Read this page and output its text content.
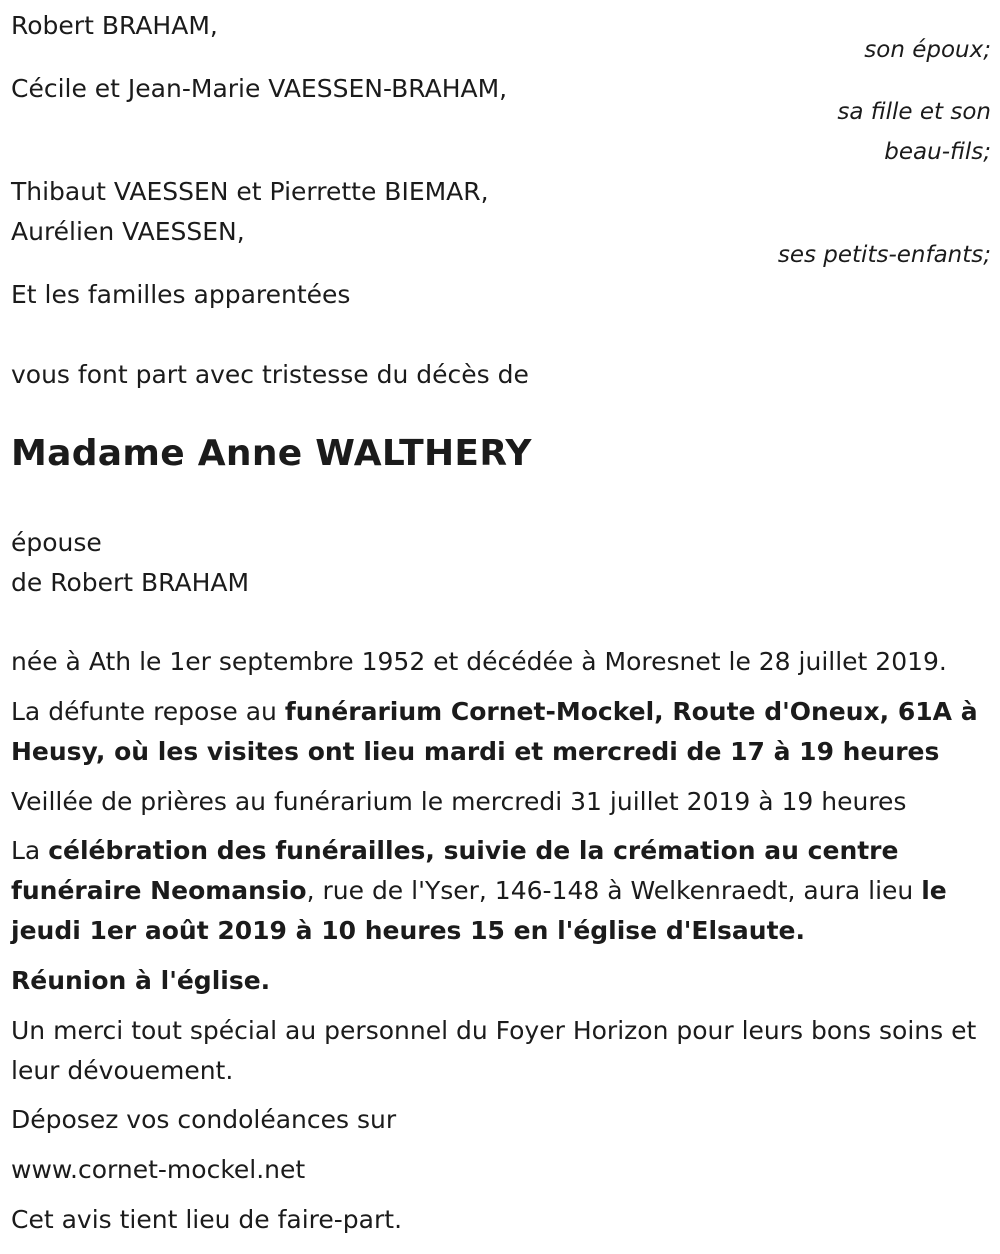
Robert BRAHAM,

son époux;

Cécile et Jean-Marie VAESSEN-BRAHAM,

sa fille et son

beau-fils;

Thibaut VAESSEN et Pierrette BIEMAR,

Aurélien VAESSEN,

ses petits-enfants;

Et les familles apparentées

vous font part avec tristesse du décès de

Madame Anne WALTHERY

épouse

de Robert BRAHAM

née à Ath le 1er septembre 1952 et décédée à Moresnet le 28 juillet 2019.

La défunte repose au funérarium Cornet-Mockel, Route d'Oneux, 61A à Heusy, où les visites ont lieu mardi et mercredi de 17 à 19 heures

Veillée de prières au funérarium le mercredi 31 juillet 2019 à 19 heures

La célébration des funérailles, suivie de la crémation au centre funéraire Neomansio, rue de l'Yser, 146-148 à Welkenraedt, aura lieu le jeudi 1er août 2019 à 10 heures 15 en l'église d'Elsaute.

Réunion à l'église.

Un merci tout spécial au personnel du Foyer Horizon pour leurs bons soins et leur dévouement.

Déposez vos condoléances sur

www.cornet-mockel.net

Cet avis tient lieu de faire-part.
